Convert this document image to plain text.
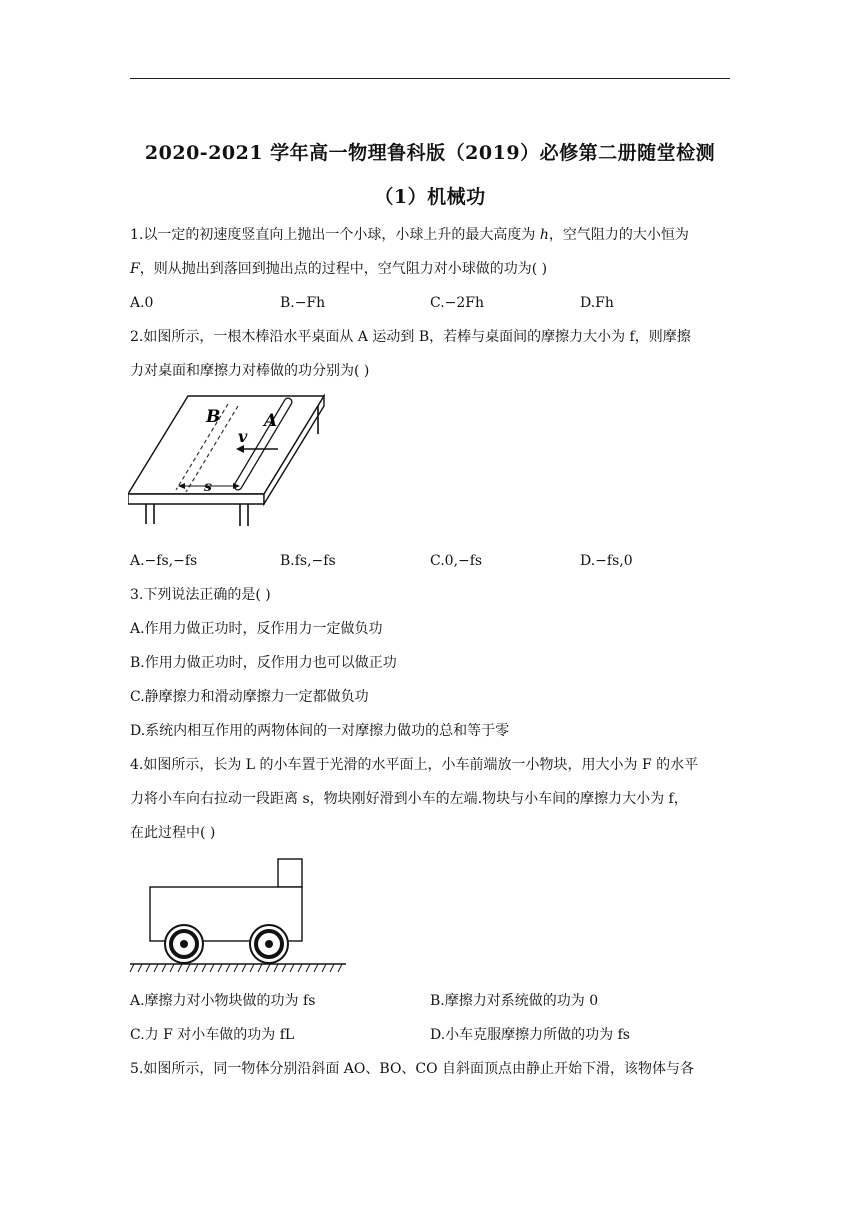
2020-2021 学年高一物理鲁科版（2019）必修第二册随堂检测
（1）机械功
1.以一定的初速度竖直向上抛出一个小球，小球上升的最大高度为 h，空气阻力的大小恒为
F，则从抛出到落回到抛出点的过程中，空气阻力对小球做的功为( )
A.0	B.−Fh	C.−2Fh	D.Fh
2.如图所示，一根木棒沿水平桌面从 A 运动到 B，若棒与桌面间的摩擦力大小为 f，则摩擦
力对桌面和摩擦力对棒做的功分别为( )
B	A
v
s
A.−fs,−fs	B.fs,−fs	C.0,−fs	D.−fs,0
3.下列说法正确的是( )
A.作用力做正功时，反作用力一定做负功
B.作用力做正功时，反作用力也可以做正功
C.静摩擦力和滑动摩擦力一定都做负功
D.系统内相互作用的两物体间的一对摩擦力做功的总和等于零
4.如图所示，长为 L 的小车置于光滑的水平面上，小车前端放一小物块，用大小为 F 的水平
力将小车向右拉动一段距离 s，物块刚好滑到小车的左端.物块与小车间的摩擦力大小为 f，
在此过程中( )
A.摩擦力对小物块做的功为 fs	B.摩擦力对系统做的功为 0
C.力 F 对小车做的功为 fL	D.小车克服摩擦力所做的功为 fs
5.如图所示，同一物体分别沿斜面 AO、BO、CO 自斜面顶点由静止开始下滑，该物体与各
